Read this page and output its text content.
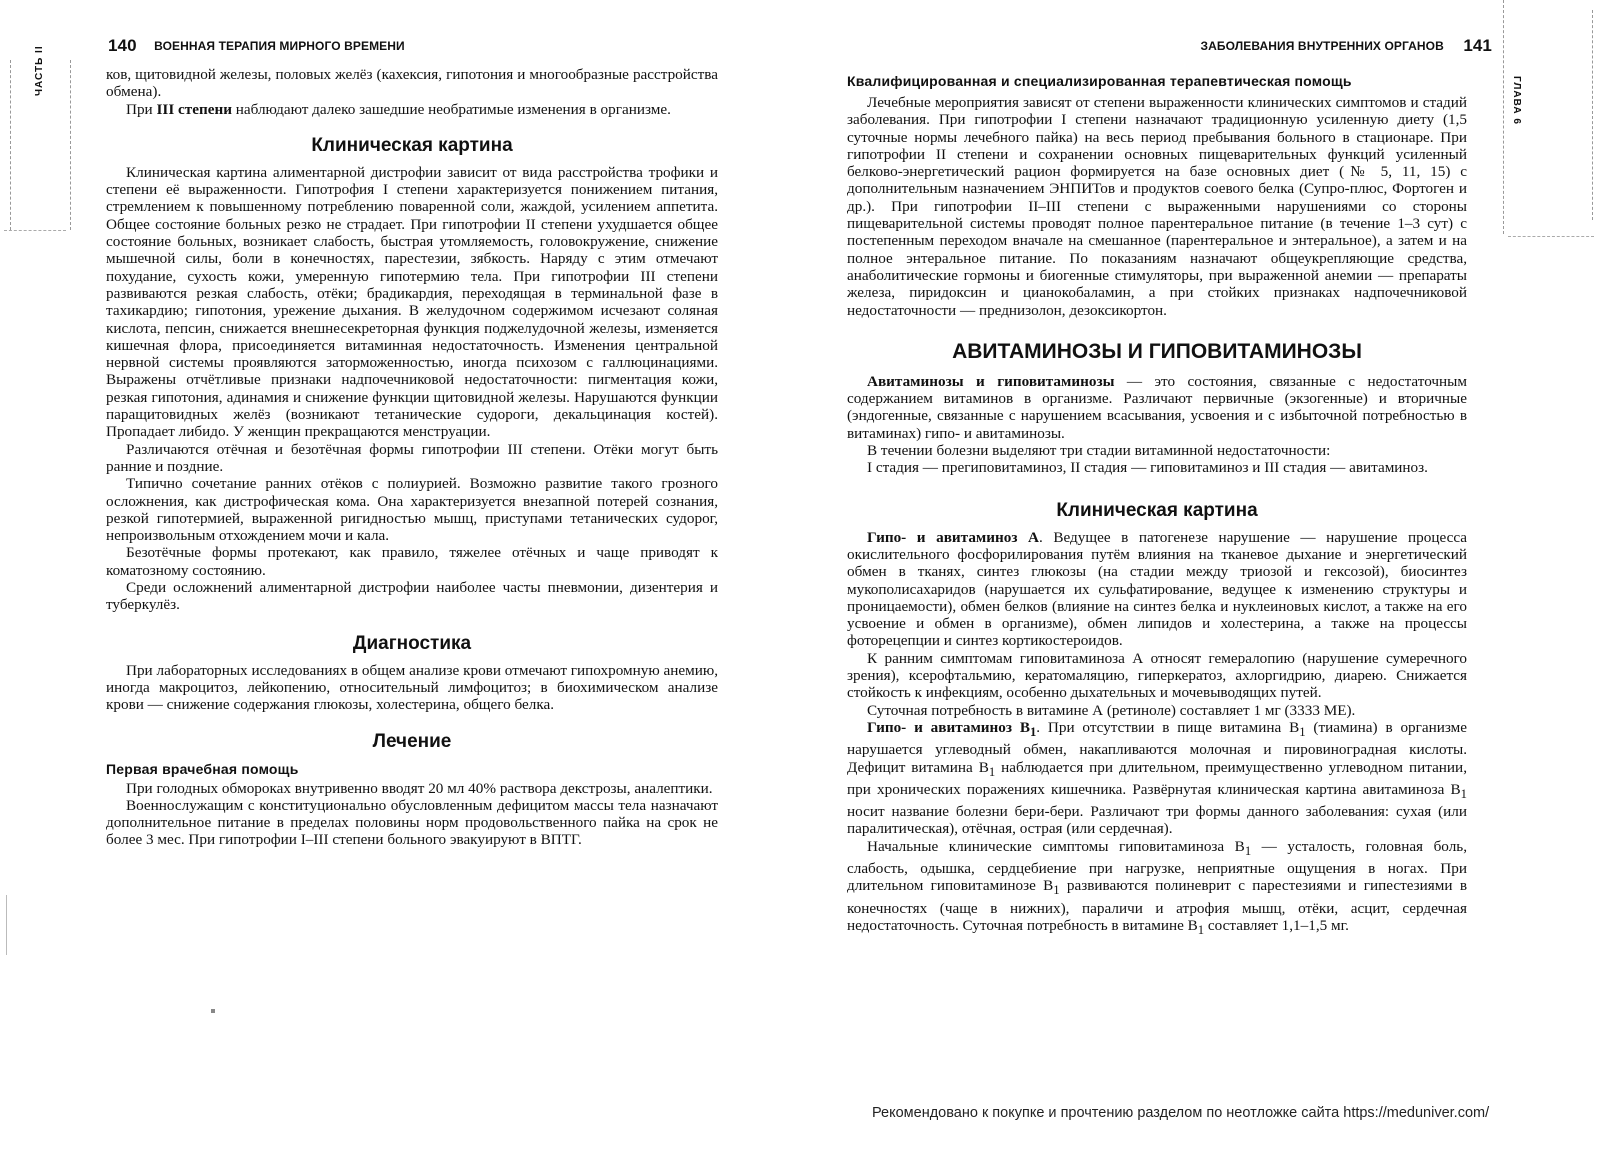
140 ВОЕННАЯ ТЕРАПИЯ МИРНОГО ВРЕМЕНИ
ЧАСТЬ II	ков, щитовидной железы, половых желёз (кахексия, гипотония и многообразные расстройства обмена).

При III степени наблюдают далеко зашедшие необратимые изменения в организме.

Клиническая картина

Клиническая картина алиментарной дистрофии зависит от вида расстройства трофики и степени её выраженности. Гипотрофия I степени характеризуется понижением питания, стремлением к повышенному потреблению поваренной соли, жаждой, усилением аппетита. Общее состояние больных резко не страдает. При гипотрофии II степени ухудшается общее состояние больных, возникает слабость, быстрая утомляемость, головокружение, снижение мышечной силы, боли в конечностях, парестезии, зябкость. Наряду с этим отмечают похудание, сухость кожи, умеренную гипотермию тела. При гипотрофии III степени развиваются резкая слабость, отёки; брадикардия, переходящая в терминальной фазе в тахикардию; гипотония, урежение дыхания. В желудочном содержимом исчезают соляная кислота, пепсин, снижается внешнесекреторная функция поджелудочной железы, изменяется кишечная флора, присоединяется витаминная недостаточность. Изменения центральной нервной системы проявляются заторможенностью, иногда психозом с галлюцинациями. Выражены отчётливые признаки надпочечниковой недостаточности: пигментация кожи, резкая гипотония, адинамия и снижение функции щитовидной железы. Нарушаются функции паращитовидных желёз (возникают тетанические судороги, декальцинация костей). Пропадает либидо. У женщин прекращаются менструации.

Различаются отёчная и безотёчная формы гипотрофии III степени. Отёки могут быть ранние и поздние.

Типично сочетание ранних отёков с полиурией. Возможно развитие такого грозного осложнения, как дистрофическая кома. Она характеризуется внезапной потерей сознания, резкой гипотермией, выраженной ригидностью мышц, приступами тетанических судорог, непроизвольным отхождением мочи и кала.

Безотёчные формы протекают, как правило, тяжелее отёчных и чаще приводят к коматозному состоянию.

Среди осложнений алиментарной дистрофии наиболее часты пневмонии, дизентерия и туберкулёз.

Диагностика

При лабораторных исследованиях в общем анализе крови отмечают гипохромную анемию, иногда макроцитоз, лейкопению, относительный лимфоцитоз; в биохимическом анализе крови — снижение содержания глюкозы, холестерина, общего белка.

Лечение
Первая врачебная помощь

При голодных обмороках внутривенно вводят 20 мл 40% раствора декстрозы, аналептики.

Военнослужащим с конституционально обусловленным дефицитом массы тела назначают дополнительное питание в пределах половины норм продовольственного пайка на срок не более 3 мес. При гипотрофии I–III степени больного эвакуируют в ВПТГ.

ЗАБОЛЕВАНИЯ ВНУТРЕННИХ ОРГАНОВ 141
ГЛАВА 6
Квалифицированная и специализированная терапевтическая помощь

Лечебные мероприятия зависят от степени выраженности клинических симптомов и стадий заболевания. При гипотрофии I степени назначают традиционную усиленную диету (1,5 суточные нормы лечебного пайка) на весь период пребывания больного в стационаре. При гипотрофии II степени и сохранении основных пищеварительных функций усиленный белково-энергетический рацион формируется на базе основных диет (№ 5, 11, 15) с дополнительным назначением ЭНПИТов и продуктов соевого белка (Супро-плюс, Фортоген и др.). При гипотрофии II–III степени с выраженными нарушениями со стороны пищеварительной системы проводят полное парентеральное питание (в течение 1–3 сут) с постепенным переходом вначале на смешанное (парентеральное и энтеральное), а затем и на полное энтеральное питание. По показаниям назначают общеукрепляющие средства, анаболитические гормоны и биогенные стимуляторы, при выраженной анемии — препараты железа, пиридоксин и цианокобаламин, а при стойких признаках надпочечниковой недостаточности — преднизолон, дезоксикортон.

АВИТАМИНОЗЫ И ГИПОВИТАМИНОЗЫ

Авитаминозы и гиповитаминозы — это состояния, связанные с недостаточным содержанием витаминов в организме. Различают первичные (экзогенные) и вторичные (эндогенные, связанные с нарушением всасывания, усвоения и с избыточной потребностью в витаминах) гипо- и авитаминозы.

В течении болезни выделяют три стадии витаминной недостаточности:

I стадия — прегиповитаминоз, II стадия — гиповитаминоз и III стадия — авитаминоз.

Клиническая картина

Гипо- и авитаминоз А. Ведущее в патогенезе нарушение — нарушение процесса окислительного фосфорилирования путём влияния на тканевое дыхание и энергетический обмен в тканях, синтез глюкозы (на стадии между триозой и гексозой), биосинтез мукополисахаридов (нарушается их сульфатирование, ведущее к изменению структуры и проницаемости), обмен белков (влияние на синтез белка и нуклеиновых кислот, а также на его усвоение и обмен в организме), обмен липидов и холестерина, а также на процессы фоторецепции и синтез кортикостероидов.

К ранним симптомам гиповитаминоза А относят гемералопию (нарушение сумеречного зрения), ксерофтальмию, кератомаляцию, гиперкератоз, ахлоргидрию, диарею. Снижается стойкость к инфекциям, особенно дыхательных и мочевыводящих путей.

Суточная потребность в витамине А (ретиноле) составляет 1 мг (3333 МЕ).

Гипо- и авитаминоз $B_1$. При отсутствии в пище витамина $B_1$ (тиамина) в организме нарушается углеводный обмен, накапливаются молочная и пировиноградная кислоты. Дефицит витамина $B_1$ наблюдается при длительном, преимущественно углеводном питании, при хронических поражениях кишечника. Развёрнутая клиническая картина авитаминоза $B_1$ носит название болезни бери-бери. Различают три формы данного заболевания: сухая (или паралитическая), отёчная, острая (или сердечная).

Начальные клинические симптомы гиповитаминоза $B_1$ — усталость, головная боль, слабость, одышка, сердцебиение при нагрузке, неприятные ощущения в ногах. При длительном гиповитаминозе $B_1$ развиваются полиневрит с парестезиями и гипестезиями в конечностях (чаще в нижних), параличи и атрофия мышц, отёки, асцит, сердечная недостаточность. Суточная потребность в витамине $B_1$ составляет 1,1–1,5 мг.

Рекомендовано к покупке и прочтению разделом по неотложке сайта https://meduniver.com/
